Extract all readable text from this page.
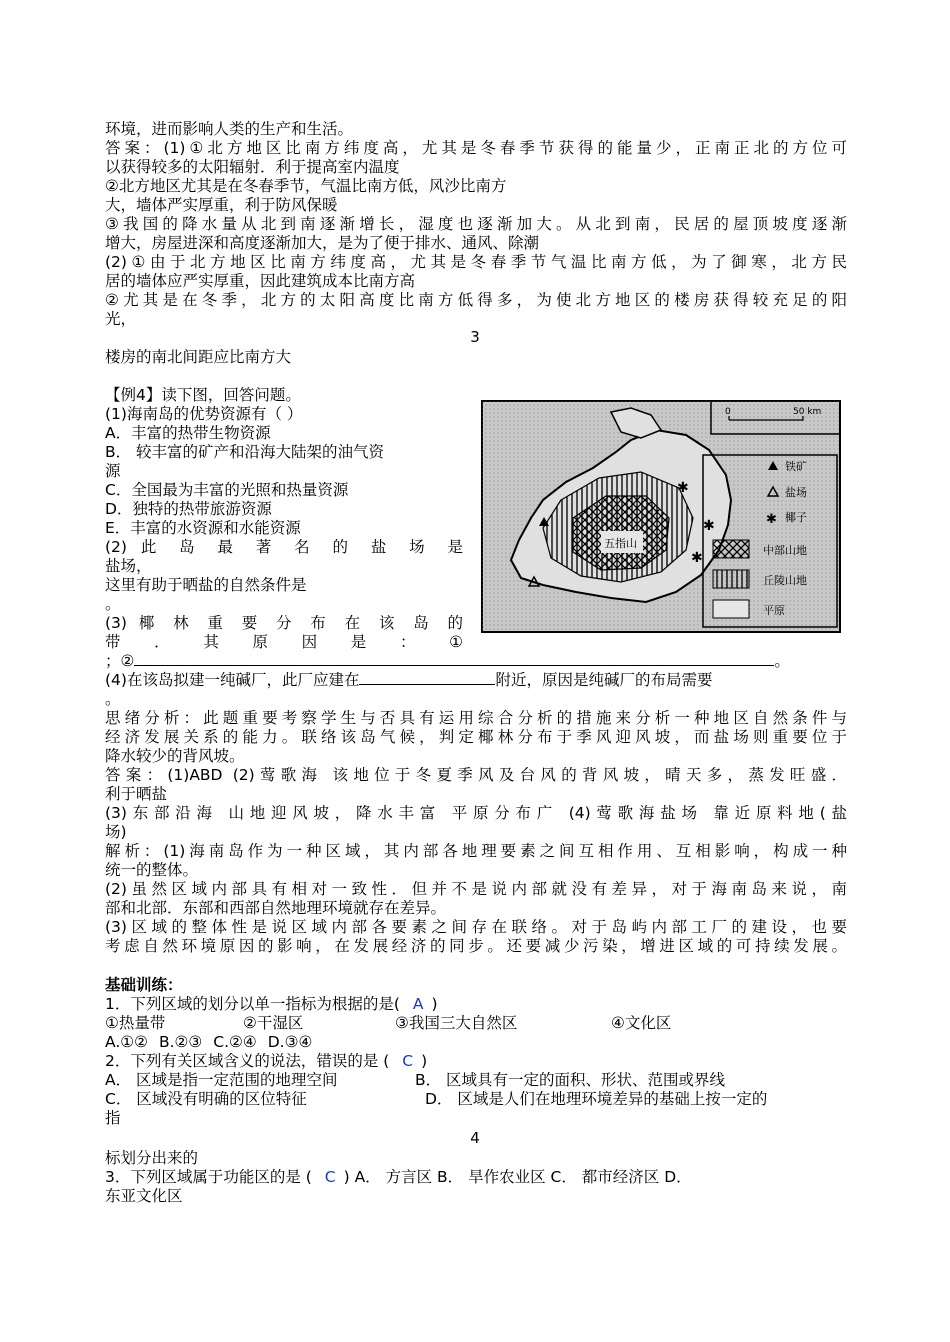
环境，进而影响人类的生产和生活。
答案：(1)①北方地区比南方纬度高，尤其是冬春季节获得的能量少，正南正北的方位可
以获得较多的太阳辐射．利于提高室内温度
②北方地区尤其是在冬春季节，气温比南方低，风沙比南方
大，墙体严实厚重，利于防风保暖
③我国的降水量从北到南逐渐增长，湿度也逐渐加大。从北到南，民居的屋顶坡度逐渐
增大，房屋进深和高度逐渐加大，是为了便于排水、通风、除潮
(2)①由于北方地区比南方纬度高，尤其是冬春季节气温比南方低，为了御寒，北方民
居的墙体应严实厚重，因此建筑成本比南方高
②尤其是在冬季，北方的太阳高度比南方低得多，为使北方地区的楼房获得较充足的阳
光，
3
楼房的南北间距应比南方大
【例4】读下图，回答问题。
(1)海南岛的优势资源有（ ）
A．丰富的热带生物资源
B． 较丰富的矿产和沿海大陆架的油气资
源
C．全国最为丰富的光照和热量资源
D．独特的热带旅游资源
E．丰富的水资源和水能资源
(2) 此 岛 最 著 名 的 盐 场 是
盐场，
这里有助于晒盐的自然条件是
。
(3) 椰 林 重 要 分 布 在 该 岛 的
带 ． 其 原 因 是 ： ①
；②	。
(4)在该岛拟建一纯碱厂，此厂应建在	附近，原因是纯碱厂的布局需要
。
思绪分析：此题重要考察学生与否具有运用综合分析的措施来分析一种地区自然条件与
经济发展关系的能力。联络该岛气候，判定椰林分布于季风迎风坡，而盐场则重要位于
降水较少的背风坡。
答案：(1)ABD (2)莺歌海 该地位于冬夏季风及台风的背风坡，晴天多，蒸发旺盛．
利于晒盐
(3)东部沿海 山地迎风坡，降水丰富 平原分布广 (4)莺歌海盐场 靠近原料地(盐
场)
解析：(1)海南岛作为一种区域，其内部各地理要素之间互相作用、互相影响，构成一种
统一的整体。
(2)虽然区域内部具有相对一致性．但并不是说内部就没有差异，对于海南岛来说，南
部和北部．东部和西部自然地理环境就存在差异。
(3)区域的整体性是说区域内部各要素之间存在联络。对于岛屿内部工厂的建设，也要
考虑自然环境原因的影响，在发展经济的同步。还要减少污染，增进区域的可持续发展。
基础训练：
1．下列区域的划分以单一指标为根据的是( A )
①热量带	②干湿区	③我国三大自然区	④文化区
A.①② B.②③ C.②④ D.③④
2．下列有关区域含义的说法，错误的是 ( C )
A． 区域是指一定范围的地理空间	B． 区域具有一定的面积、形状、范围或界线
C． 区域没有明确的区位特征	D． 区域是人们在地理环境差异的基础上按一定的
指
4
标划分出来的
3．下列区域属于功能区的是 ( C ) A． 方言区 B． 旱作农业区 C． 都市经济区 D．
东亚文化区
0	50 km
五指山
✱
✱
✱
铁矿
盐场
✱ 椰子
中部山地
丘陵山地
平原
